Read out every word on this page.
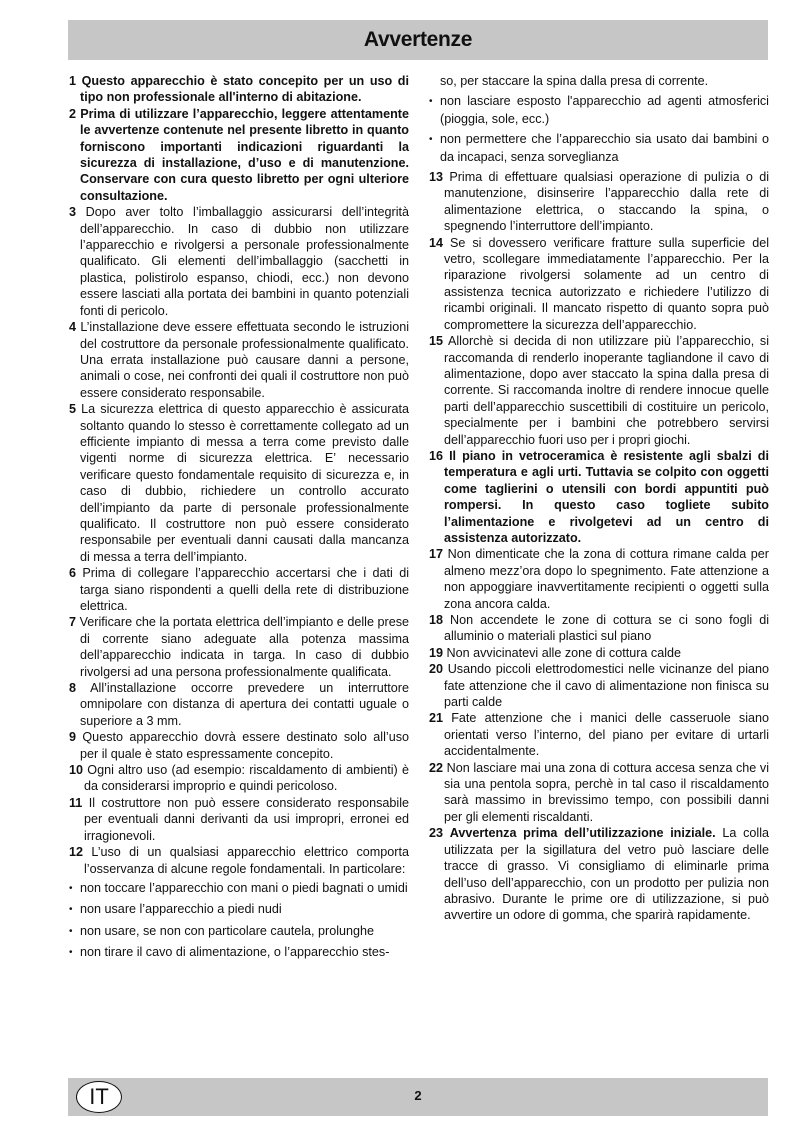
Avvertenze

1 Questo apparecchio è stato concepito per un uso di tipo non professionale all'interno di abitazione.

2 Prima di utilizzare l’apparecchio, leggere attentamente le avvertenze contenute nel presente libretto in quanto forniscono importanti indicazioni riguardanti la sicurezza di installazione, d’uso e di manutenzione. Conservare con cura questo libretto per ogni ulteriore consultazione.

3 Dopo aver tolto l’imballaggio assicurarsi dell’integrità dell’apparecchio. In caso di dubbio non utilizzare l’apparecchio e rivolgersi a personale professionalmente qualificato. Gli elementi dell’imballaggio (sacchetti in plastica, polistirolo espanso, chiodi, ecc.) non devono essere lasciati alla portata dei bambini in quanto potenziali fonti di pericolo.

4 L’installazione deve essere effettuata secondo le istruzioni del costruttore da personale professionalmente qualificato. Una errata installazione può causare danni a persone, animali o cose, nei confronti dei quali il costruttore non può essere considerato responsabile.

5 La sicurezza elettrica di questo apparecchio è assicurata soltanto quando lo stesso è correttamente collegato ad un efficiente impianto di messa a terra come previsto dalle vigenti norme di sicurezza elettrica. E’ necessario verificare questo fondamentale requisito di sicurezza e, in caso di dubbio, richiedere un controllo accurato dell’impianto da parte di personale professionalmente qualificato. Il costruttore non può essere considerato responsabile per eventuali danni causati dalla mancanza di messa a terra dell’impianto.

6 Prima di collegare l’apparecchio accertarsi che i dati di targa siano rispondenti a quelli della rete di distribuzione elettrica.

7 Verificare che la portata elettrica dell’impianto e delle prese di corrente siano adeguate alla potenza massima dell’apparecchio indicata in targa. In caso di dubbio rivolgersi ad una persona professionalmente qualificata.

8 All’installazione occorre prevedere un interruttore omnipolare con distanza di apertura dei contatti uguale o superiore a 3 mm.

9 Questo apparecchio dovrà essere destinato solo all’uso per il quale è stato espressamente concepito.

10 Ogni altro uso (ad esempio: riscaldamento di ambienti) è da considerarsi improprio e quindi pericoloso.

11 Il costruttore non può essere considerato responsabile per eventuali danni derivanti da usi impropri, erronei ed irragionevoli.

12 L’uso di un qualsiasi apparecchio elettrico comporta l’osservanza di alcune regole fondamentali. In particolare:

• non toccare l’apparecchio con mani o piedi bagnati o umidi

• non usare l’apparecchio a piedi nudi

• non usare, se non con particolare cautela, prolunghe

• non tirare il cavo di alimentazione, o l’apparecchio stes-

so, per staccare la spina dalla presa di corrente.

• non lasciare esposto l'apparecchio ad agenti atmosferici (pioggia, sole, ecc.)

• non permettere che l’apparecchio sia usato dai bambini o da incapaci, senza sorveglianza

13 Prima di effettuare qualsiasi operazione di pulizia o di manutenzione, disinserire l’apparecchio dalla rete di alimentazione elettrica, o staccando la spina, o spegnendo l’interruttore dell’impianto.

14 Se si dovessero verificare fratture sulla superficie del vetro, scollegare immediatamente l’apparecchio. Per la riparazione rivolgersi solamente ad un centro di assistenza tecnica autorizzato e richiedere l’utilizzo di ricambi originali. Il mancato rispetto di quanto sopra può compromettere la sicurezza dell’apparecchio.

15 Allorchè si decida di non utilizzare più l’apparecchio, si raccomanda di renderlo inoperante tagliandone il cavo di alimentazione, dopo aver staccato la spina dalla presa di corrente. Si raccomanda inoltre di rendere innocue quelle parti dell’apparecchio suscettibili di costituire un pericolo, specialmente per i bambini che potrebbero servirsi dell’apparecchio fuori uso per i propri giochi.

16 Il piano in vetroceramica è resistente agli sbalzi di temperatura e agli urti. Tuttavia se colpito con oggetti come taglierini o utensili con bordi appuntiti può rompersi. In questo caso togliete subito l’alimentazione e rivolgetevi ad un centro di assistenza autorizzato.

17 Non dimenticate che la zona di cottura rimane calda per almeno mezz’ora dopo lo spegnimento. Fate attenzione a non appoggiare inavvertitamente recipienti o oggetti sulla zona ancora calda.

18 Non accendete le zone di cottura se ci sono fogli di alluminio o materiali plastici sul piano

19 Non avvicinatevi alle zone di cottura calde

20 Usando piccoli elettrodomestici nelle vicinanze del piano fate attenzione che il cavo di alimentazione non finisca su parti calde

21 Fate attenzione che i manici delle casseruole siano orientati verso l’interno, del piano per evitare di urtarli accidentalmente.

22 Non lasciare mai una zona di cottura accesa senza che vi sia una pentola sopra, perchè in tal caso il riscaldamento sarà massimo in brevissimo tempo, con possibili danni per gli elementi riscaldanti.

23 Avvertenza prima dell’utilizzazione iniziale. La colla utilizzata per la sigillatura del vetro può lasciare delle tracce di grasso. Vi consigliamo di eliminarle prima dell’uso dell’apparecchio, con un prodotto per pulizia non abrasivo. Durante le prime ore di utilizzazione, si può avvertire un odore di gomma, che sparirà rapidamente.

IT	2
